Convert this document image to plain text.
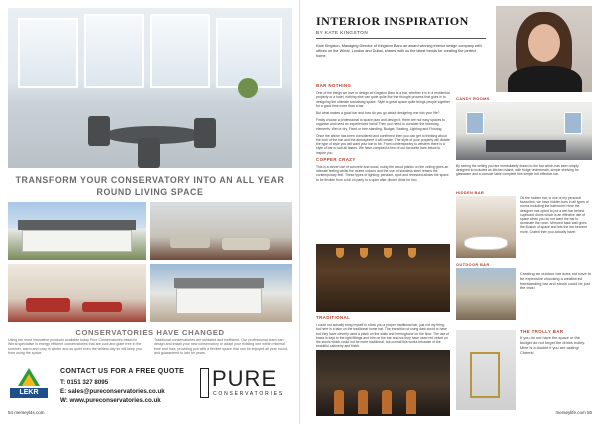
TRANSFORM YOUR CONSERVATORY INTO AN ALL YEAR ROUND LIVING SPACE
CONSERVATORIES HAVE CHANGED

Using the most innovative products available today Pure Conservatories based in Wirral specialise in energy efficient conservatories that are cool and glare free in the summer, warm and cosy in winter and as quiet even the wildest day so will keep you from using the space.

Traditional conservatories are outdated and inefficient. Our professional team can design and install your new conservatory or adapt your existing one within minimal time and fuss, providing you with a flexible space that can be enjoyed all year round, and guaranteed to last for years.

LEKR
CONTACT US FOR A FREE QUOTE
T: 0151 327 8095
E: sales@pureconservatories.co.uk
W: www.pureconservatories.co.uk
PURE
CONSERVATORIES
54 merseyl4s.com
INTERIOR INSPIRATION
BY KATE KINGSTON
Kate Kingston, Managing Director of Kingston Baru an award winning interior design company with offices on the Wirral, London and Dubai, shares with us the latest trends for creating the perfect home.
BAR NOTHING

One of the things we love to design at Kingston Baru is a bar, whether it is in a residential property or a hotel, nothing else can quite quite like the thought process that goes in to designing the ultimate socialising space. Style is great space quite brings people together for a good time more than a bar.

But what makes a good bar and how do you go about designing one into your life?

Firstly choose a professional to space plan and design it, there are not easy spaces to organise and need an experienced hand! Then you need to consider the following elements: Wet or dry, Fixed or free-standing, Budget, Seating, Lighting and Flooring.

Once the above has been considered and confirmed then you can get to thinking about the look of the bar and the atmosphere it will create. The style of your property will dictate the type of style you will want your bar to be. From contemporary to western there is a style of bar to suit all tastes. We have compiled a few of our favourite bars below to inspire you.

COPPER CRAZY

This is a clever use of concrete and wood, using the wood planks on the ceiling gives an intimate feeling whilst the muted colours and the use of stainless steel retains the contemporary feel. These types of lighting: pendant, spot and recessed allows the space to be flexible from a full on party to a quiet after dinner drink for two.

TRADITIONAL

I could not actually bring myself to show you a proper traditional bar, just not my thing, but here is a take on the traditional home bar. The transition of using dark wood to have but they have cleverly used a plank on the walls and herringbone on the floor. The use of brass is kept to the light fittings and trim on the bar and six they have used red velvet on the stools which could not be more traditional, but overall this works because of the beautiful cabinetry and finish.

CANDY ROOMS
By seeing the ceiling you are immediately drawn to the bar which has been simply designed to included an kitchen island, with fridge underneath, simple shelving for glassware and a console table complete this simple but effective bar.
HIDDEN BAR
Ok the hidden bar, is one of my personal favourites, we have hidden bars in all types of rooms including the bathroom! Here the designer has opted to put a wet bar behind cupboard doors which is an effective use of space when you do not want the bar to dominate the room. Mirrored back wall gives the illusion of space and lets the bar become more. Crated then you actually have!
OUTDOOR BAR
Creating an outdoor bar does not have to be expensive choosing a weathered freestanding bar and stools could be just the trick!
THE TROLLY BAR
If you do not have the space or the budget do not forget the drinks trolley. Mine is a double if you are asking! Cheers!
merseylife.com 55
